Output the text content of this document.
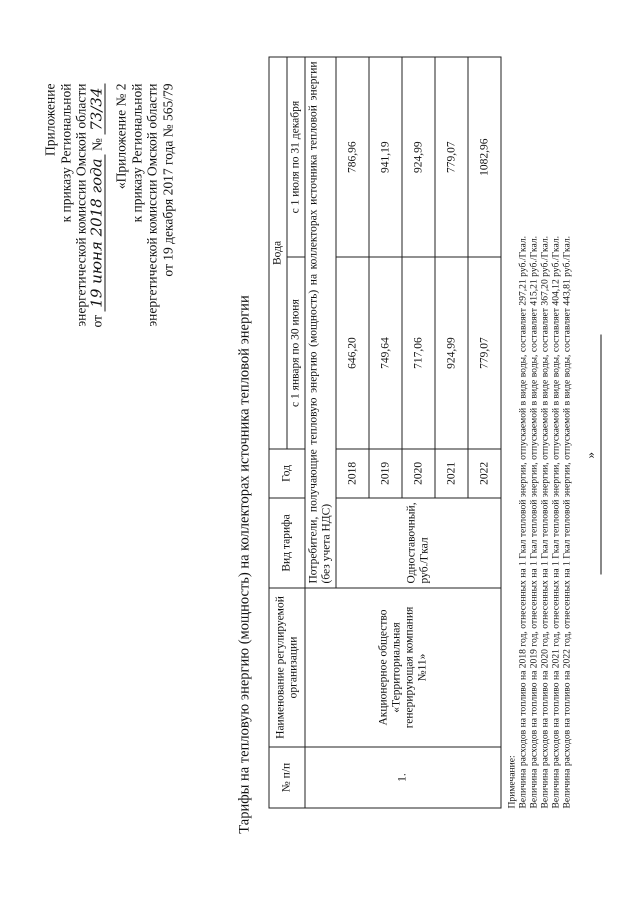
Приложение к приказу Региональной энергетической комиссии Омской области от 19 июня 2018 года № 73/34 «Приложение № 2 к приказу Региональной энергетической комиссии Омской области от 19 декабря 2017 года № 565/79
Тарифы на тепловую энергию (мощность) на коллекторах источника тепловой энергии № п/п	Наименование регулируемой организации	Вид тарифа	Год	Вода	
				с 1 января по 30 июня	с 1 июля по 31 декабря
1.	Акционерное общество «Территориальная генерирующая компания №11»	Потребители, получающие тепловую энергию (мощность) на коллекторах источника тепловой энергии (без учета НДС)			
		Одноставочный, руб./Гкал	2018	646,20	786,96
			2019	749,64	941,19
			2020	717,06	924,99
			2021	924,99	779,07
			2022	779,07	1082,96
Примечание: Величина расходов на топливо на 2018 год, отнесенных на 1 Гкал тепловой энергии, отпускаемой в виде воды, составляет 297,21 руб./Гкал. Величина расходов на топливо на 2019 год, отнесенных на 1 Гкал тепловой энергии, отпускаемой в виде воды, составляет 415,21 руб./Гкал. Величина расходов на топливо на 2020 год, отнесенных на 1 Гкал тепловой энергии, отпускаемой в виде воды, составляет 367,20 руб./Гкал. Величина расходов на топливо на 2021 год, отнесенных на 1 Гкал тепловой энергии, отпускаемой в виде воды, составляет 404,12 руб./Гкал. Величина расходов на топливо на 2022 год, отнесенных на 1 Гкал тепловой энергии, отпускаемой в виде воды, составляет 443,81 руб./Гкал. »
